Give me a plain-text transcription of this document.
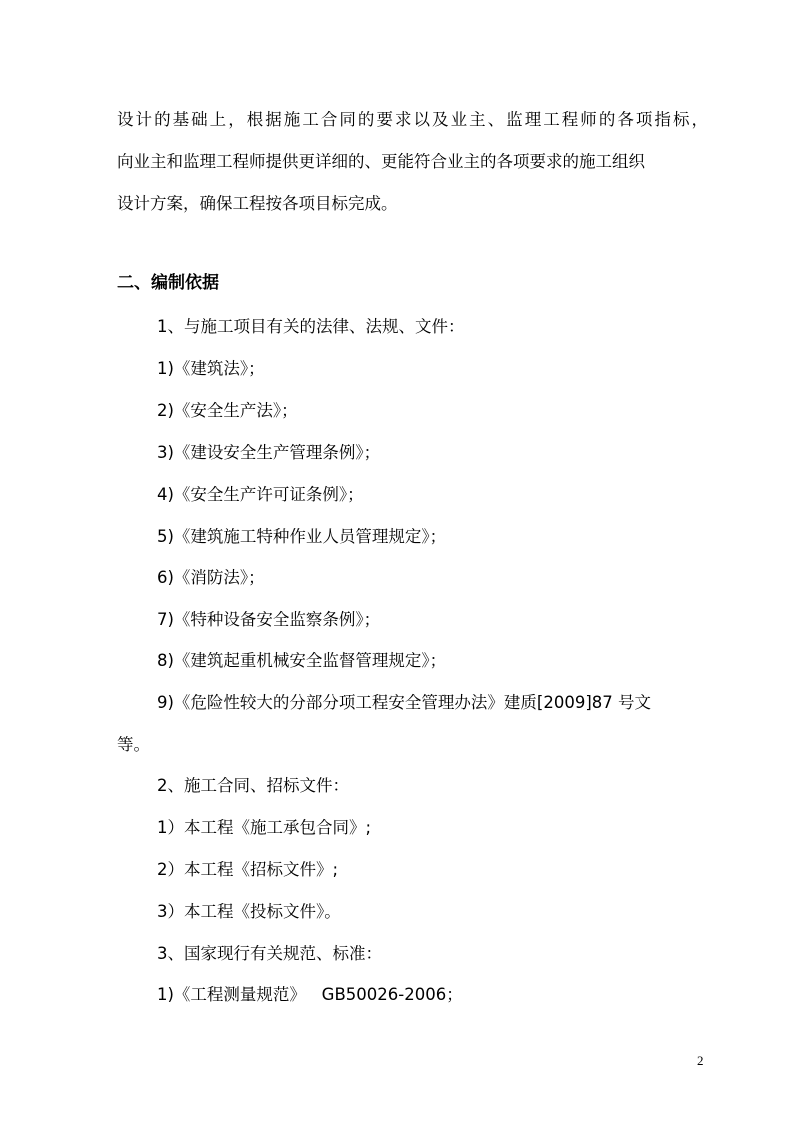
设计的基础上，根据施工合同的要求以及业主、监理工程师的各项指标，
向业主和监理工程师提供更详细的、更能符合业主的各项要求的施工组织
设计方案，确保工程按各项目标完成。
二、编制依据
1、与施工项目有关的法律、法规、文件：
1)《建筑法》；
2)《安全生产法》；
3)《建设安全生产管理条例》；
4)《安全生产许可证条例》；
5)《建筑施工特种作业人员管理规定》；
6)《消防法》；
7)《特种设备安全监察条例》；
8)《建筑起重机械安全监督管理规定》；
9)《危险性较大的分部分项工程安全管理办法》建质[2009]87 号文
等。
2、施工合同、招标文件：
1）本工程《施工承包合同》;
2）本工程《招标文件》;
3）本工程《投标文件》。
3、国家现行有关规范、标准：
1)《工程测量规范》   GB50026-2006；
2
